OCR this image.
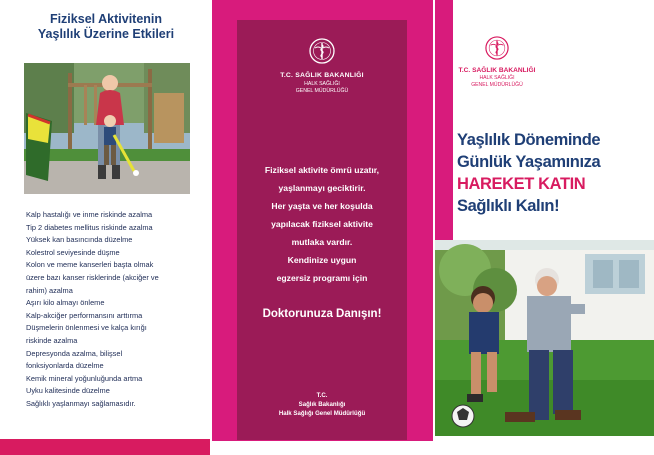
Fiziksel Aktivitenin
Yaşlılık Üzerine Etkileri
Kalp hastalığı ve inme riskinde azalma
Tip 2 diabetes mellitus riskinde azalma
Yüksek kan basıncında düzelme
Kolestrol seviyesinde düşme
Kolon ve meme kanserleri başta olmak
üzere bazı kanser risklerinde (akciğer ve
rahim) azalma
Aşırı kilo almayı önleme
Kalp-akciğer performansını arttırma
Düşmelerin önlenmesi ve kalça kırığı
riskinde azalma
Depresyonda azalma, bilişsel
fonksiyonlarda düzelme
Kemik mineral yoğunluğunda artma
Uyku kalitesinde düzelme
Sağlıklı yaşlanmayı sağlamasıdır.
T.C. SAĞLIK BAKANLIĞI
HALK SAĞLIĞI
GENEL MÜDÜRLÜĞÜ
Fiziksel aktivite ömrü uzatır,
yaşlanmayı geciktirir.
Her yaşta ve her koşulda
yapılacak fiziksel aktivite
mutlaka vardır.
Kendinize uygun
egzersiz programı için
Doktorunuza Danışın!
T.C.
Sağlık Bakanlığı
Halk Sağlığı Genel Müdürlüğü
T.C. SAĞLIK BAKANLIĞI
HALK SAĞLIĞI
GENEL MÜDÜRLÜĞÜ
Yaşlılık Döneminde
Günlük Yaşamınıza
HAREKET KATIN
Sağlıklı Kalın!
